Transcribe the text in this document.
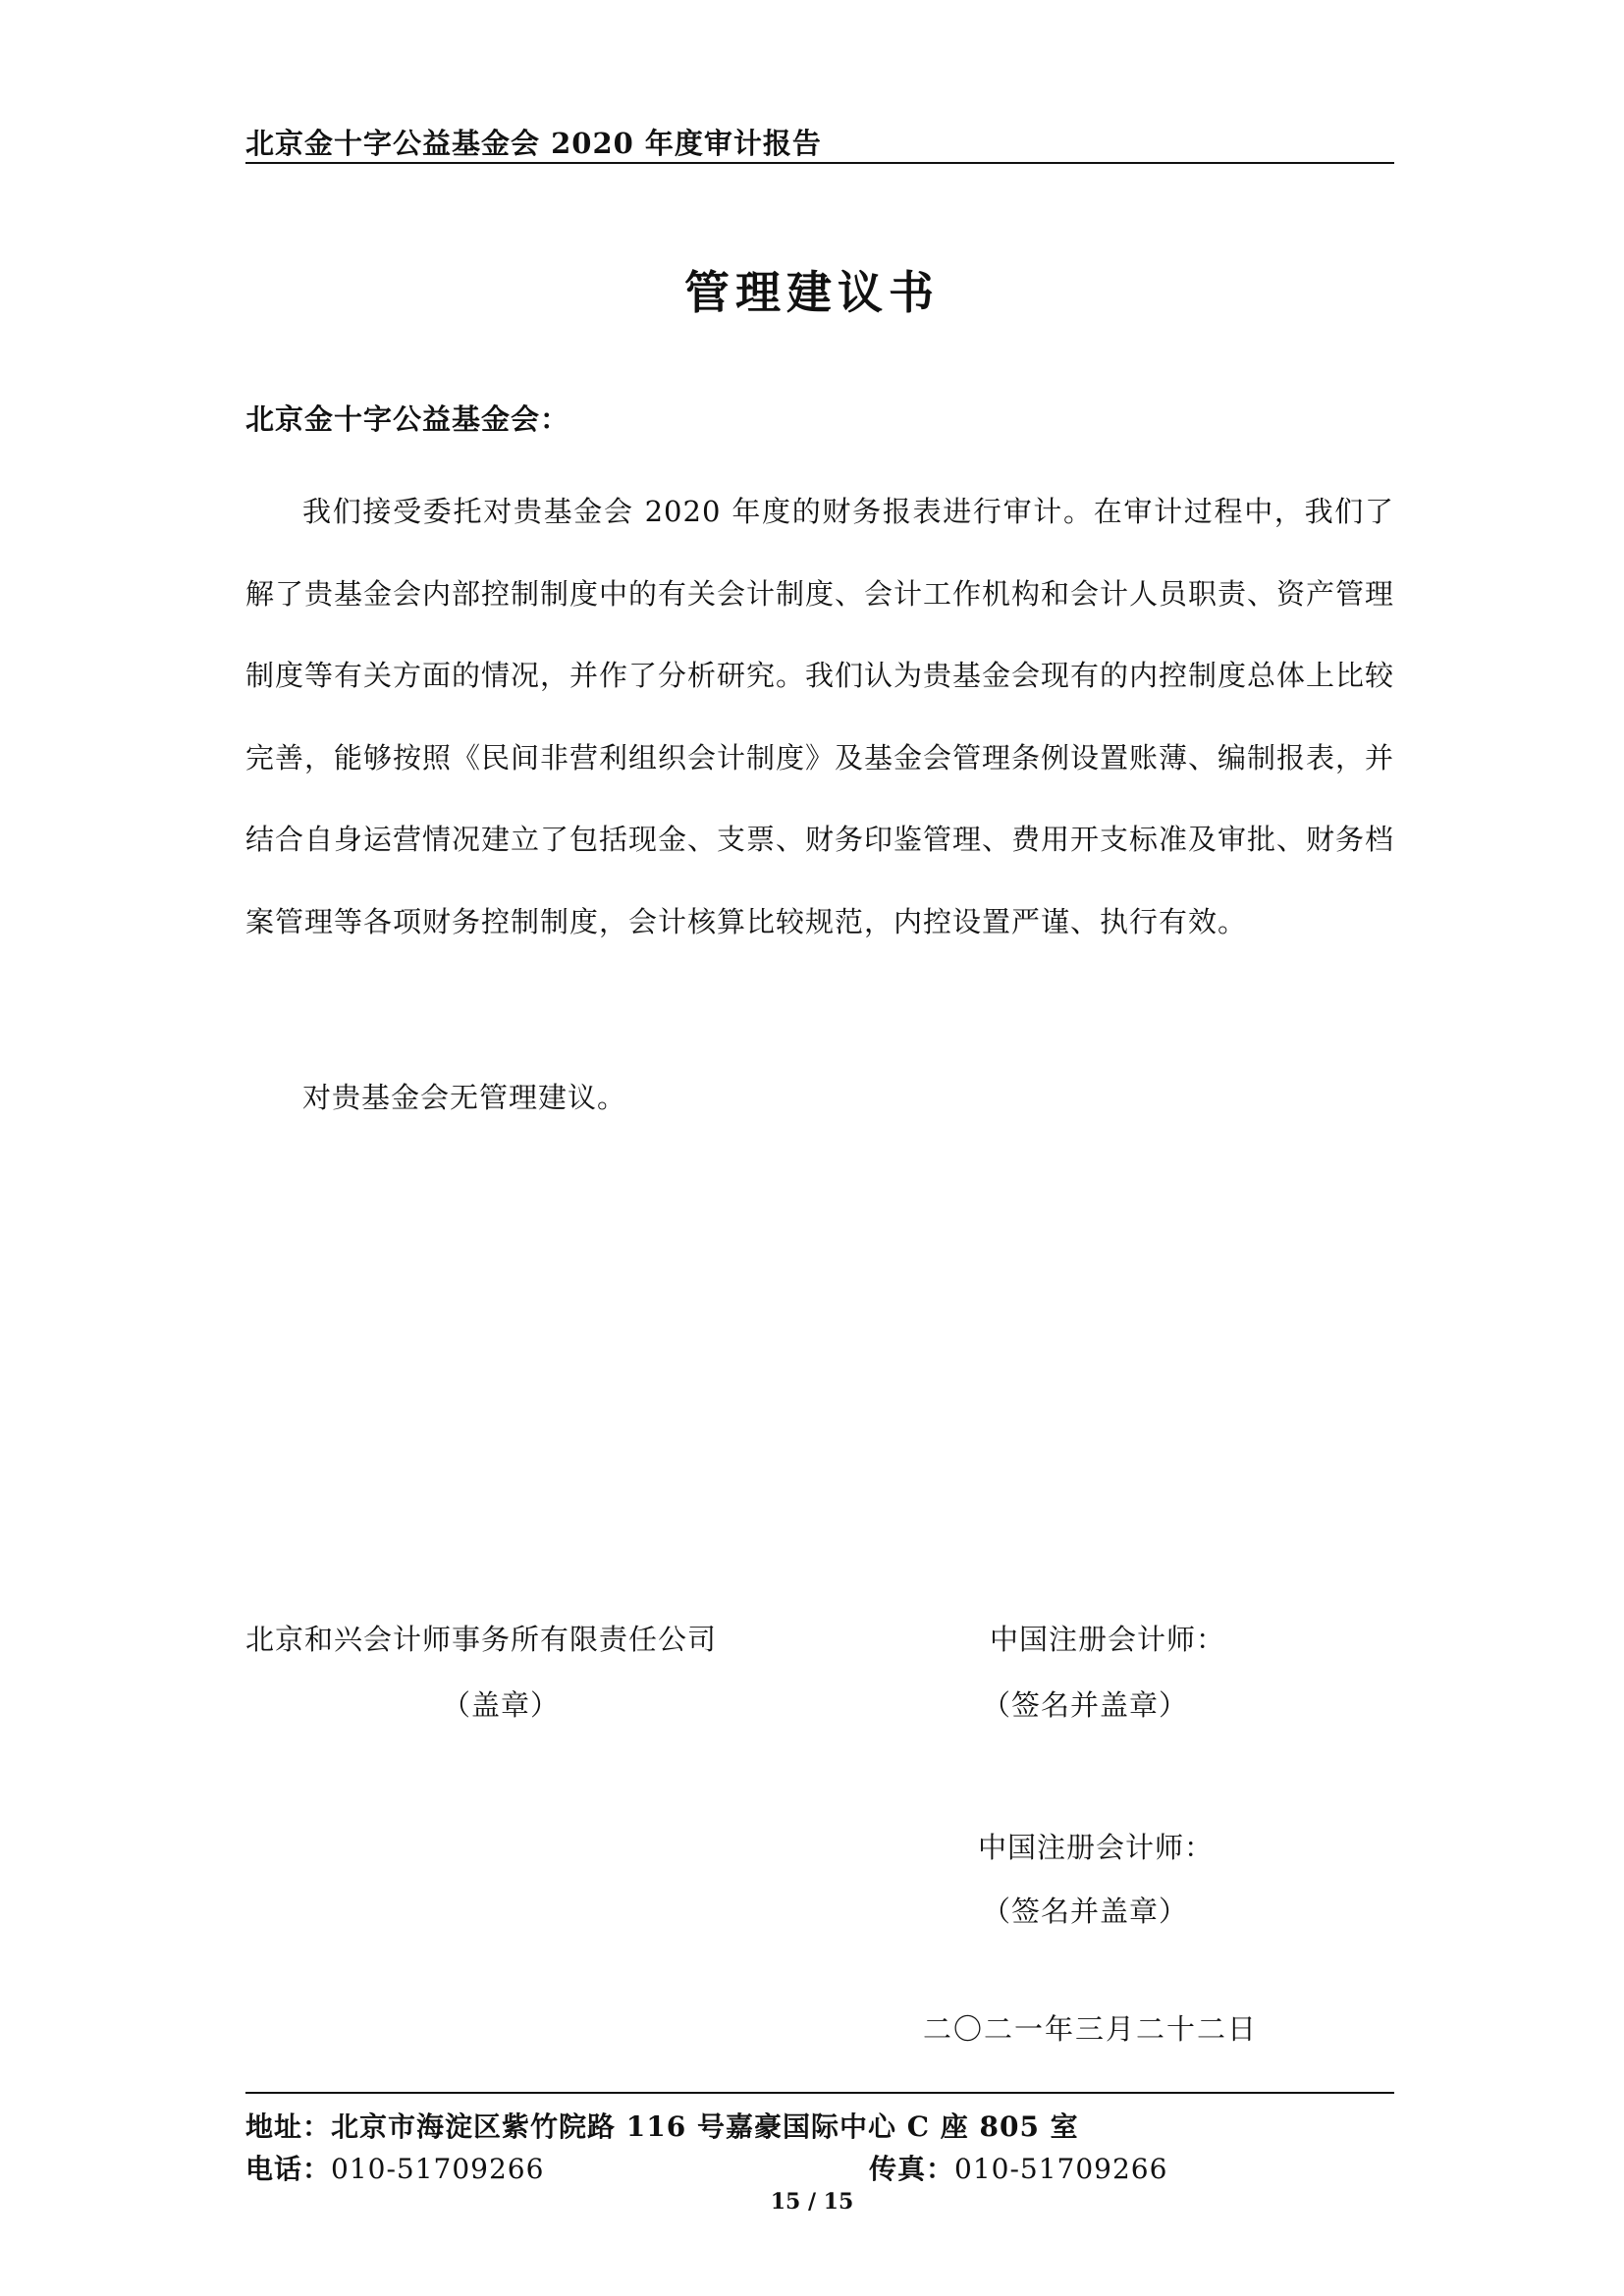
北京金十字公益基金会 2020 年度审计报告
管理建议书
北京金十字公益基金会：

我们接受委托对贵基金会 2020 年度的财务报表进行审计。在审计过程中，我们了解了贵基金会内部控制制度中的有关会计制度、会计工作机构和会计人员职责、资产管理制度等有关方面的情况，并作了分析研究。我们认为贵基金会现有的内控制度总体上比较完善，能够按照《民间非营利组织会计制度》及基金会管理条例设置账薄、编制报表，并结合自身运营情况建立了包括现金、支票、财务印鉴管理、费用开支标准及审批、财务档案管理等各项财务控制制度，会计核算比较规范，内控设置严谨、执行有效。

对贵基金会无管理建议。
北京和兴会计师事务所有限责任公司
（盖章）
中国注册会计师：
（签名并盖章）
中国注册会计师：
（签名并盖章）
二〇二一年三月二十二日
地址：北京市海淀区紫竹院路 116 号嘉豪国际中心 C 座 805 室
电话：010-51709266	传真：010-51709266
15 / 15
